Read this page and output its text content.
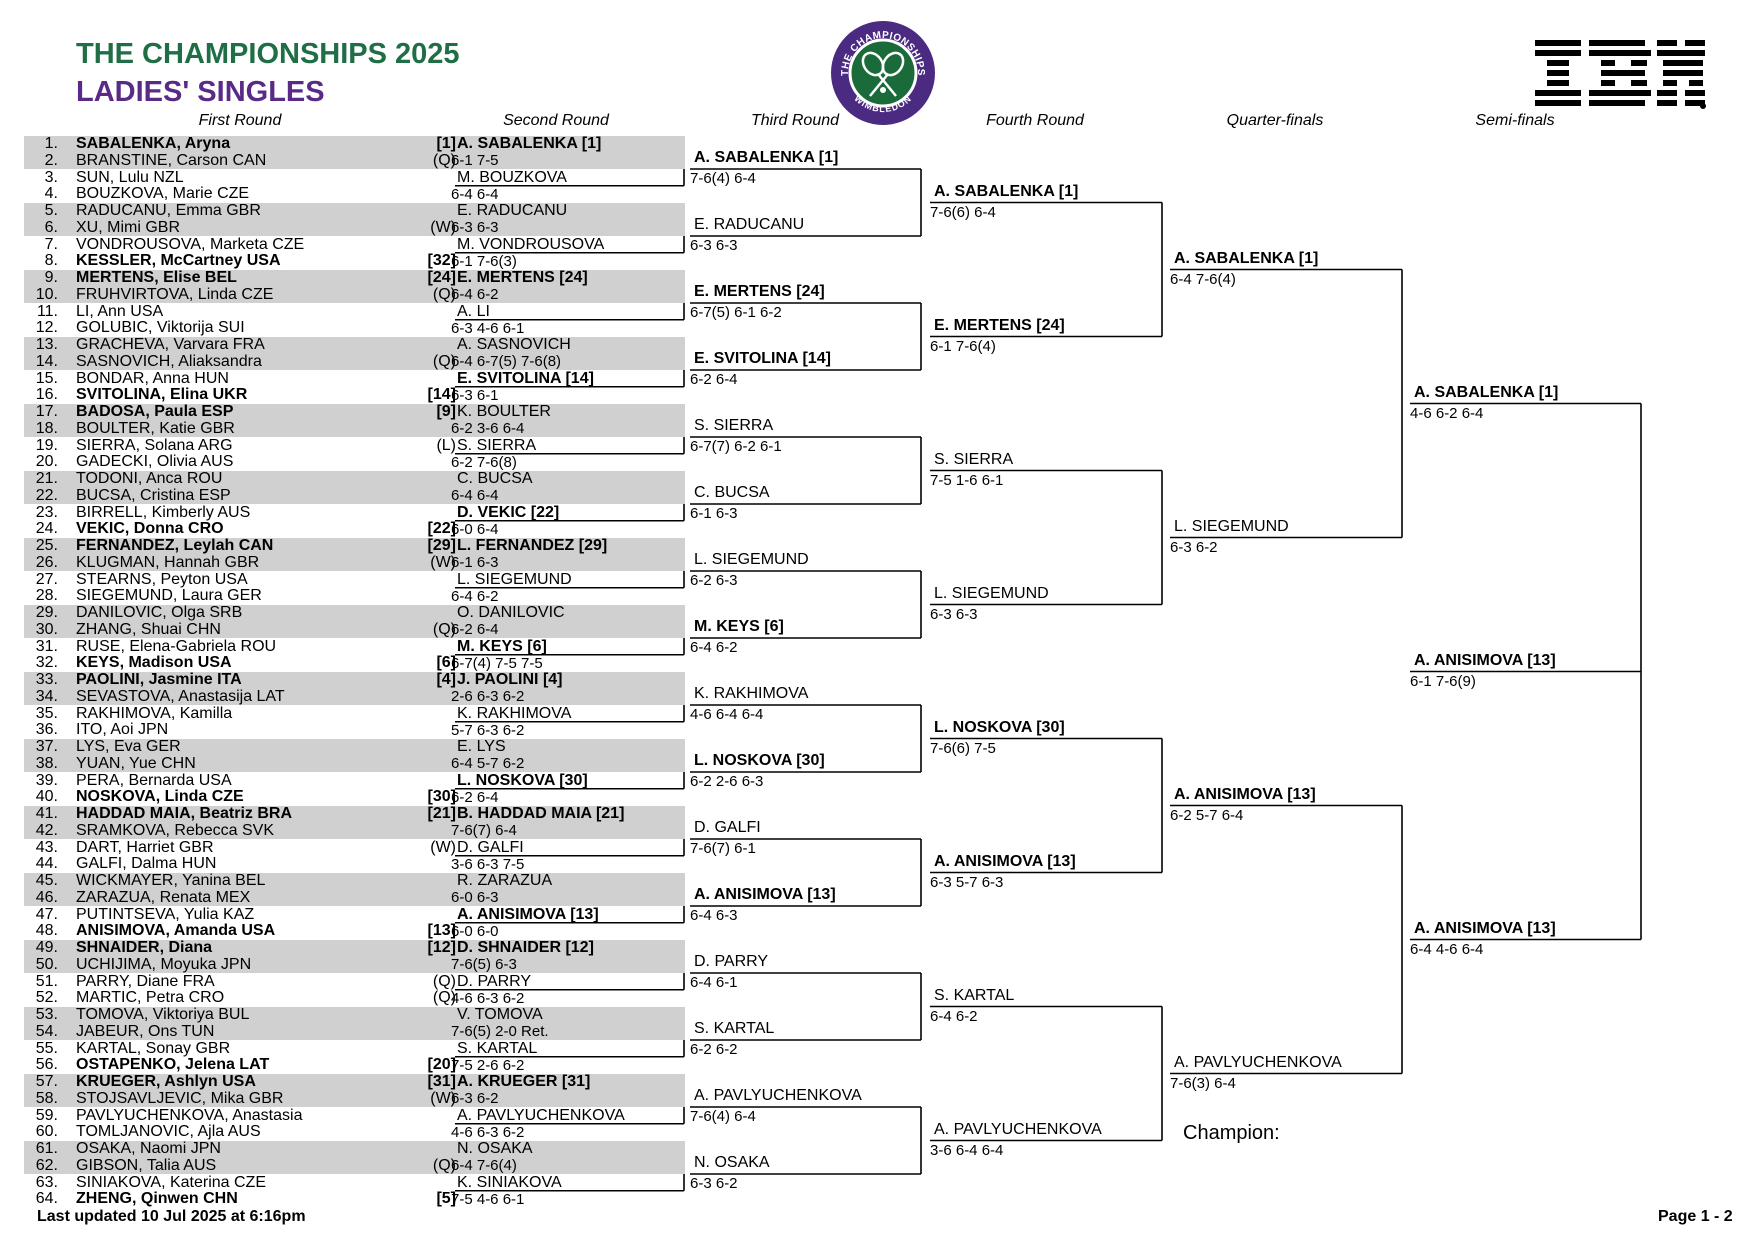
THE CHAMPIONSHIPS 2025
LADIES' SINGLES
THE CHAMPIONSHIPS
WIMBLEDON
First Round	Second Round	Third Round	Fourth Round	Quarter-finals	Semi-finals
1. SABALENKA, Aryna	[1]
2. BRANSTINE, Carson CAN	(Q)
3. SUN, Lulu NZL
4. BOUZKOVA, Marie CZE
5. RADUCANU, Emma GBR
6. XU, Mimi GBR	(W)
7. VONDROUSOVA, Marketa CZE
8. KESSLER, McCartney USA	[32]
9. MERTENS, Elise BEL	[24]
10. FRUHVIRTOVA, Linda CZE	(Q)
11. LI, Ann USA
12. GOLUBIC, Viktorija SUI
13. GRACHEVA, Varvara FRA
14. SASNOVICH, Aliaksandra	(Q)
15. BONDAR, Anna HUN
16. SVITOLINA, Elina UKR	[14]
17. BADOSA, Paula ESP	[9]
18. BOULTER, Katie GBR
19. SIERRA, Solana ARG	(L)
20. GADECKI, Olivia AUS
21. TODONI, Anca ROU
22. BUCSA, Cristina ESP
23. BIRRELL, Kimberly AUS
24. VEKIC, Donna CRO	[22]
25. FERNANDEZ, Leylah CAN	[29]
26. KLUGMAN, Hannah GBR	(W)
27. STEARNS, Peyton USA
28. SIEGEMUND, Laura GER
29. DANILOVIC, Olga SRB
30. ZHANG, Shuai CHN	(Q)
31. RUSE, Elena-Gabriela ROU
32. KEYS, Madison USA	[6]
33. PAOLINI, Jasmine ITA	[4]
34. SEVASTOVA, Anastasija LAT
35. RAKHIMOVA, Kamilla
36. ITO, Aoi JPN
37. LYS, Eva GER
38. YUAN, Yue CHN
39. PERA, Bernarda USA
40. NOSKOVA, Linda CZE	[30]
41. HADDAD MAIA, Beatriz BRA	[21]
42. SRAMKOVA, Rebecca SVK
43. DART, Harriet GBR	(W)
44. GALFI, Dalma HUN
45. WICKMAYER, Yanina BEL
46. ZARAZUA, Renata MEX
47. PUTINTSEVA, Yulia KAZ
48. ANISIMOVA, Amanda USA	[13]
49. SHNAIDER, Diana	[12]
50. UCHIJIMA, Moyuka JPN
51. PARRY, Diane FRA	(Q)
52. MARTIC, Petra CRO	(Q)
53. TOMOVA, Viktoriya BUL
54. JABEUR, Ons TUN
55. KARTAL, Sonay GBR
56. OSTAPENKO, Jelena LAT	[20]
57. KRUEGER, Ashlyn USA	[31]
58. STOJSAVLJEVIC, Mika GBR	(W)
59. PAVLYUCHENKOVA, Anastasia
60. TOMLJANOVIC, Ajla AUS
61. OSAKA, Naomi JPN
62. GIBSON, Talia AUS	(Q)
63. SINIAKOVA, Katerina CZE
64. ZHENG, Qinwen CHN	[5]
A. SABALENKA [1]
6-1 7-5
M. BOUZKOVA
6-4 6-4
E. RADUCANU
6-3 6-3
M. VONDROUSOVA
6-1 7-6(3)
E. MERTENS [24]
6-4 6-2
A. LI
6-3 4-6 6-1
A. SASNOVICH
6-4 6-7(5) 7-6(8)
E. SVITOLINA [14]
6-3 6-1
K. BOULTER
6-2 3-6 6-4
S. SIERRA
6-2 7-6(8)
C. BUCSA
6-4 6-4
D. VEKIC [22]
6-0 6-4
L. FERNANDEZ [29]
6-1 6-3
L. SIEGEMUND
6-4 6-2
O. DANILOVIC
6-2 6-4
M. KEYS [6]
6-7(4) 7-5 7-5
J. PAOLINI [4]
2-6 6-3 6-2
K. RAKHIMOVA
5-7 6-3 6-2
E. LYS
6-4 5-7 6-2
L. NOSKOVA [30]
6-2 6-4
B. HADDAD MAIA [21]
7-6(7) 6-4
D. GALFI
3-6 6-3 7-5
R. ZARAZUA
6-0 6-3
A. ANISIMOVA [13]
6-0 6-0
D. SHNAIDER [12]
7-6(5) 6-3
D. PARRY
4-6 6-3 6-2
V. TOMOVA
7-6(5) 2-0 Ret.
S. KARTAL
7-5 2-6 6-2
A. KRUEGER [31]
6-3 6-2
A. PAVLYUCHENKOVA
4-6 6-3 6-2
N. OSAKA
6-4 7-6(4)
K. SINIAKOVA
7-5 4-6 6-1
A. SABALENKA [1]
7-6(4) 6-4
E. RADUCANU
6-3 6-3
E. MERTENS [24]
6-7(5) 6-1 6-2
E. SVITOLINA [14]
6-2 6-4
S. SIERRA
6-7(7) 6-2 6-1
C. BUCSA
6-1 6-3
L. SIEGEMUND
6-2 6-3
M. KEYS [6]
6-4 6-2
K. RAKHIMOVA
4-6 6-4 6-4
L. NOSKOVA [30]
6-2 2-6 6-3
D. GALFI
7-6(7) 6-1
A. ANISIMOVA [13]
6-4 6-3
D. PARRY
6-4 6-1
S. KARTAL
6-2 6-2
A. PAVLYUCHENKOVA
7-6(4) 6-4
N. OSAKA
6-3 6-2
A. SABALENKA [1]
7-6(6) 6-4
E. MERTENS [24]
6-1 7-6(4)
S. SIERRA
7-5 1-6 6-1
L. SIEGEMUND
6-3 6-3
L. NOSKOVA [30]
7-6(6) 7-5
A. ANISIMOVA [13]
6-3 5-7 6-3
S. KARTAL
6-4 6-2
A. PAVLYUCHENKOVA
3-6 6-4 6-4
A. SABALENKA [1]
6-4 7-6(4)
L. SIEGEMUND
6-3 6-2
A. ANISIMOVA [13]
6-2 5-7 6-4
A. PAVLYUCHENKOVA
7-6(3) 6-4
A. SABALENKA [1]
4-6 6-2 6-4
A. ANISIMOVA [13]
6-4 4-6 6-4
A. ANISIMOVA [13]
6-1 7-6(9)
Champion:
Last updated 10 Jul 2025 at 6:16pm	Page 1 - 2
